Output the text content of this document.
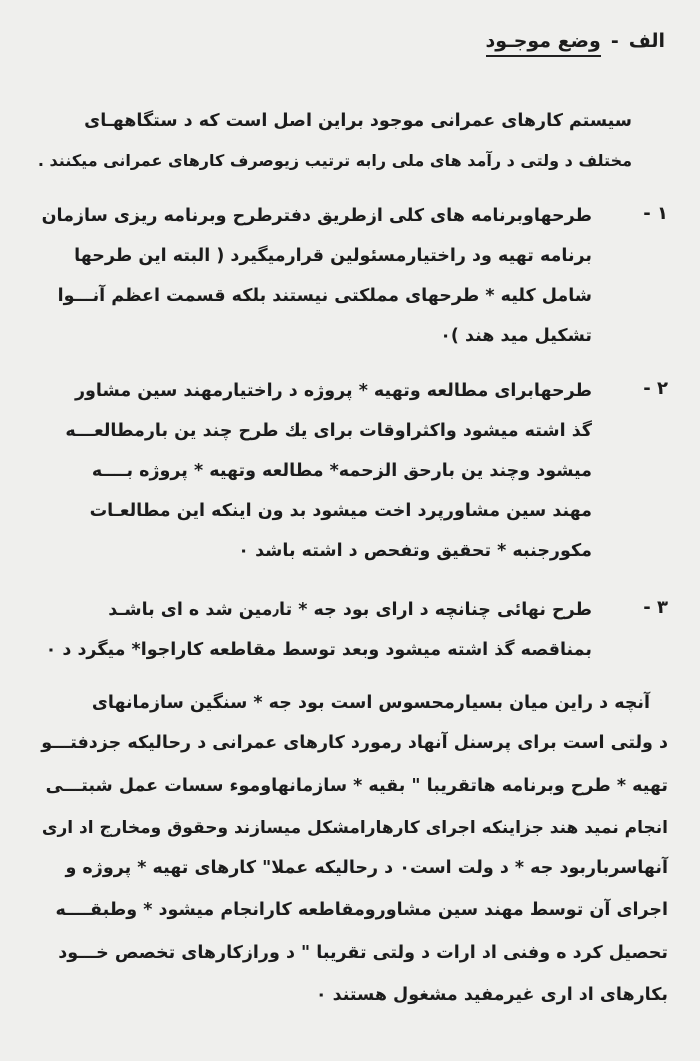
الف-وضع موجـود
سیستم کارهای عمرانی موجود براین اصل است که د ستگاههـای
مختلف د ولتی د رآمد های ملی رابه ترتیب زیوصرف کارهای عمرانی میکنند .
۱ -
طرحهاوبرنامه های کلی ازطریق دفترطرح وبرنامه ریزی سازمان
برنامه تهیه ود راختیارمسئولین قرارمیگیرد ( البته این طرحها
شامل کلیه * طرحهای مملکتی نیستند بلکه قسمت اعظم آنـــوا
تشکیل مید هند )٠
۲ -
طرحهابرای مطالعه وتهیه * پروژه د راختیارمهند سین مشاور
گذ اشته میشود واکثراوقات برای یك طرح چند ین بارمطالعـــه
میشود وچند ین بارحق الزحمه* مطالعه وتهیه * پروژه بــــه
مهند سین مشاورپرد اخت میشود بد ون اینکه این مطالعـات
مکورجنبه * تحقیق وتفحص د اشته باشد ٠
۳ -
طرح نهائی چنانچه د ارای بود جه * تا٫مین شد ه ای باشـد
بمناقصه گذ اشته میشود وبعد توسط مقاطعه کاراجوا* میگرد د ٠
آنچه د راین میان بسیارمحسوس است بود جه * سنگین سازمانهای
د ولتی است برای پرسنل آنهاد رمورد کارهای عمرانی د رحالیکه جزدفتـــو
تهیه * طرح وبرنامه هاتقریبا " بقیه * سازمانهاوموء سسات عمل شبتـــی
انجام نمید هند جزاینکه اجرای کارهارامشکل میسازند وحقوق ومخارج اد اری
آنهاسرباربود جه * د ولت است٠ د رحالیکه عملا" کارهای تهیه * پروژه و
اجرای آن توسط مهند سین مشاورومقاطعه کارانجام میشود * وطبقــــه
تحصیل کرد ه وفنی اد ارات د ولتی تقریبا " د ورازکارهای تخصص خـــود
بکارهای اد اری غیرمفید مشغول هستند ٠
